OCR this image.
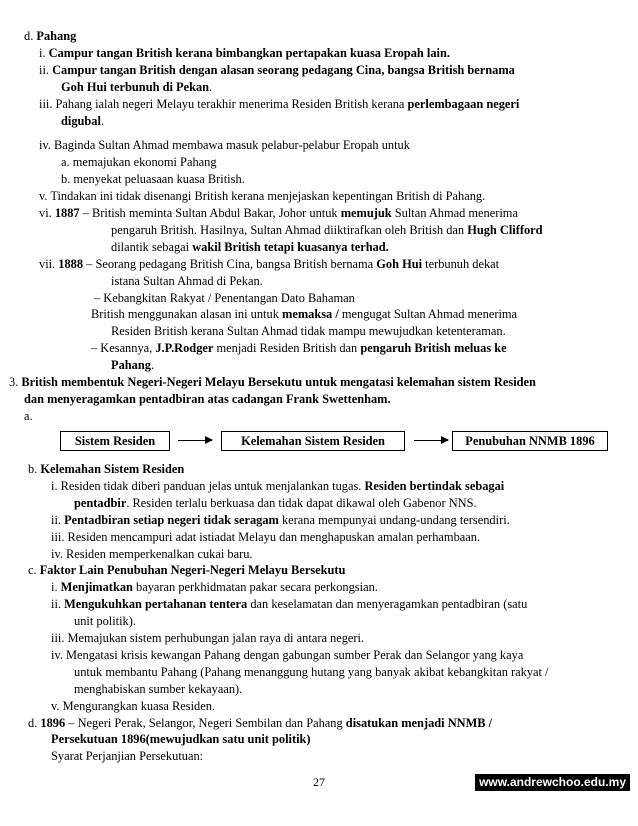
d. Pahang
i. Campur tangan British kerana bimbangkan pertapakan kuasa Eropah lain.
ii. Campur tangan British dengan alasan seorang pedagang Cina, bangsa British bernama
Goh Hui terbunuh di Pekan.
iii. Pahang ialah negeri Melayu terakhir menerima Residen British kerana perlembagaan negeri
digubal.
iv. Baginda Sultan Ahmad membawa masuk pelabur-pelabur Eropah untuk
a. memajukan ekonomi Pahang
b. menyekat peluasaan kuasa British.
v. Tindakan ini tidak disenangi British kerana menjejaskan kepentingan British di Pahang.
vi. 1887 – British meminta Sultan Abdul Bakar, Johor untuk memujuk Sultan Ahmad menerima
pengaruh British. Hasilnya, Sultan Ahmad diiktirafkan oleh British dan Hugh Clifford
dilantik sebagai wakil British tetapi kuasanya terhad.
vii. 1888 – Seorang pedagang British Cina, bangsa British bernama Goh Hui terbunuh dekat
istana Sultan Ahmad di Pekan.
– Kebangkitan Rakyat / Penentangan Dato Bahaman
British menggunakan alasan ini untuk memaksa / mengugat Sultan Ahmad menerima
Residen British kerana Sultan Ahmad tidak mampu mewujudkan ketenteraman.
– Kesannya, J.P.Rodger menjadi Residen British dan pengaruh British meluas ke
Pahang.
3. British membentuk Negeri-Negeri Melayu Bersekutu untuk mengatasi kelemahan sistem Residen
dan menyeragamkan pentadbiran atas cadangan Frank Swettenham.
a.
b. Kelemahan Sistem Residen
i. Residen tidak diberi panduan jelas untuk menjalankan tugas. Residen bertindak sebagai
pentadbir. Residen terlalu berkuasa dan tidak dapat dikawal oleh Gabenor NNS.
ii. Pentadbiran setiap negeri tidak seragam kerana mempunyai undang-undang tersendiri.
iii. Residen mencampuri adat istiadat Melayu dan menghapuskan amalan perhambaan.
iv. Residen memperkenalkan cukai baru.
c. Faktor Lain Penubuhan Negeri-Negeri Melayu Bersekutu
i. Menjimatkan bayaran perkhidmatan pakar secara perkongsian.
ii. Mengukuhkan pertahanan tentera dan keselamatan dan menyeragamkan pentadbiran (satu
unit politik).
iii. Memajukan sistem perhubungan jalan raya di antara negeri.
iv. Mengatasi krisis kewangan Pahang dengan gabungan sumber Perak dan Selangor yang kaya
untuk membantu Pahang (Pahang menanggung hutang yang banyak akibat kebangkitan rakyat /
menghabiskan sumber kekayaan).
v. Mengurangkan kuasa Residen.
d. 1896 – Negeri Perak, Selangor, Negeri Sembilan dan Pahang disatukan menjadi NNMB /
Persekutuan 1896(mewujudkan satu unit politik)
Syarat Perjanjian Persekutuan:
Sistem Residen	Kelemahan Sistem Residen	Penubuhan NNMB 1896
27	www.andrewchoo.edu.my
